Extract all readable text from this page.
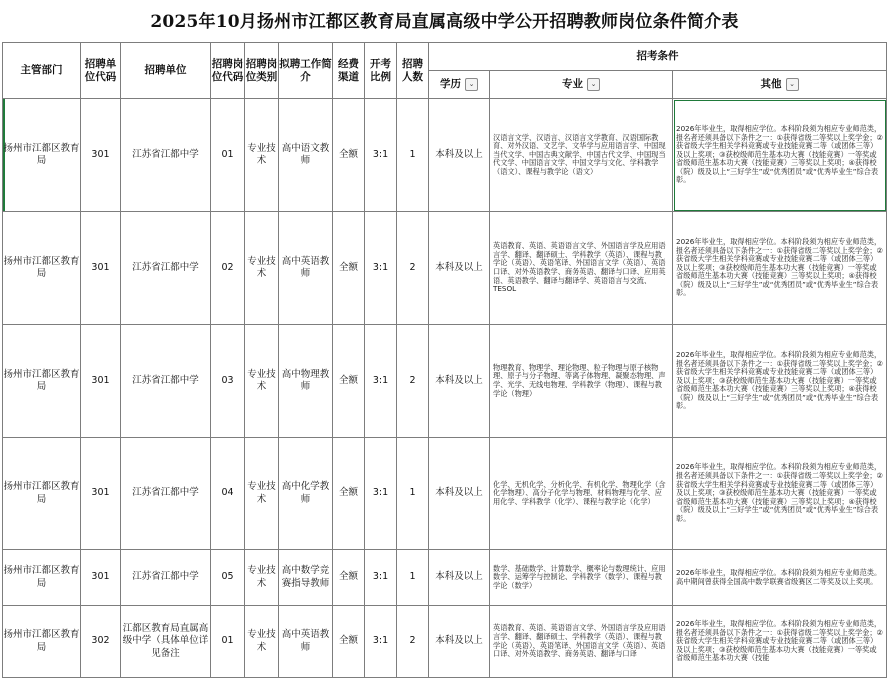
2025年10月扬州市江都区教育局直属高级中学公开招聘教师岗位条件简介表
主管部门	招聘单位代码	招聘单位	招聘岗位代码	招聘岗位类别	拟聘工作简介	经费渠道	开考比例	招聘人数	招考条件		

									学历 ⌄	专业 ⌄	其他 ⌄

扬州市江都区教育局	301	江苏省江都中学	01	专业技术	高中语文教师	全额	3:1	1	本科及以上	汉语言文学、汉语言、汉语言文学教育、汉语国际教育、对外汉语、文艺学、文华学与应用语言学、中国现当代文学、中国古典文献学、中国古代文学、中国现当代文学、中国语言文学、中国文学与文化、学科教学（语文）、课程与教学论（语文）	2026年毕业生，取得相应学位。本科阶段须为相应专业师范类，报名者还须具备以下条件之一：①获得省级二等奖以上奖学金；②获省级大学生相关学科竞赛或专业技能竞赛二等（或团体三等）及以上奖项；③获校级师范生基本功大赛（技能竞赛）一等奖或省级师范生基本功大赛（技能竞赛）三等奖以上奖项；④获得校（院）级及以上“三好学生”或“优秀团员”或“优秀毕业生”综合表彰。
扬州市江都区教育局	301	江苏省江都中学	02	专业技术	高中英语教师	全额	3:1	2	本科及以上	英语教育、英语、英语语言文学、外国语言学及应用语言学、翻译、翻译硕士、学科教学（英语）、课程与教学论（英语）、英语笔译、外国语言文学（英语）、英语口译、对外英语教学、商务英语、翻译与口译、应用英语、英语教学、翻译与翻译学、英语语言与交流、TESOL	2026年毕业生，取得相应学位。本科阶段须为相应专业师范类，报名者还须具备以下条件之一：①获得省级二等奖以上奖学金；②获省级大学生相关学科竞赛或专业技能竞赛二等（或团体三等）及以上奖项；③获校级师范生基本功大赛（技能竞赛）一等奖或省级师范生基本功大赛（技能竞赛）三等奖以上奖项；④获得校（院）级及以上“三好学生”或“优秀团员”或“优秀毕业生”综合表彰。
扬州市江都区教育局	301	江苏省江都中学	03	专业技术	高中物理教师	全额	3:1	2	本科及以上	物理教育、物理学、理论物理、粒子物理与原子核物理、原子与分子物理、等离子体物理、凝聚态物理、声学、光学、无线电物理、学科教学（物理）、课程与教学论（物理）	2026年毕业生，取得相应学位。本科阶段须为相应专业师范类，报名者还须具备以下条件之一：①获得省级二等奖以上奖学金；②获省级大学生相关学科竞赛或专业技能竞赛二等（或团体三等）及以上奖项；③获校级师范生基本功大赛（技能竞赛）一等奖或省级师范生基本功大赛（技能竞赛）三等奖以上奖项；④获得校（院）级及以上“三好学生”或“优秀团员”或“优秀毕业生”综合表彰。
扬州市江都区教育局	301	江苏省江都中学	04	专业技术	高中化学教师	全额	3:1	1	本科及以上	化学、无机化学、分析化学、有机化学、物理化学（含化学物理）、高分子化学与物理、材料物理与化学、应用化学、学科教学（化学）、课程与教学论（化学）	2026年毕业生，取得相应学位。本科阶段须为相应专业师范类，报名者还须具备以下条件之一：①获得省级二等奖以上奖学金；②获省级大学生相关学科竞赛或专业技能竞赛二等（或团体三等）及以上奖项；③获校级师范生基本功大赛（技能竞赛）一等奖或省级师范生基本功大赛（技能竞赛）三等奖以上奖项；④获得校（院）级及以上“三好学生”或“优秀团员”或“优秀毕业生”综合表彰。
扬州市江都区教育局	301	江苏省江都中学	05	专业技术	高中数学竞赛指导教师	全额	3:1	1	本科及以上	数学、基础数学、计算数学、概率论与数理统计、应用数学、运筹学与控制论、学科教学（数学）、课程与教学论（数学）	2026年毕业生，取得相应学位。本科阶段须为相应专业师范类。高中期间曾获得全国高中数学联赛省级赛区二等奖及以上奖项。
扬州市江都区教育局	302	江都区教育局直属高级中学（具体单位详见备注	01	专业技术	高中英语教师	全额	3:1	2	本科及以上	英语教育、英语、英语语言文学、外国语言学及应用语言学、翻译、翻译硕士、学科教学（英语）、课程与教学论（英语）、英语笔译、外国语言文学（英语）、英语口译、对外英语教学、商务英语、翻译与口译	2026年毕业生，取得相应学位。本科阶段须为相应专业师范类，报名者还须具备以下条件之一：①获得省级二等奖以上奖学金；②获省级大学生相关学科竞赛或专业技能竞赛二等（或团体三等）及以上奖项；③获校级师范生基本功大赛（技能竞赛）一等奖或省级师范生基本功大赛（技能
